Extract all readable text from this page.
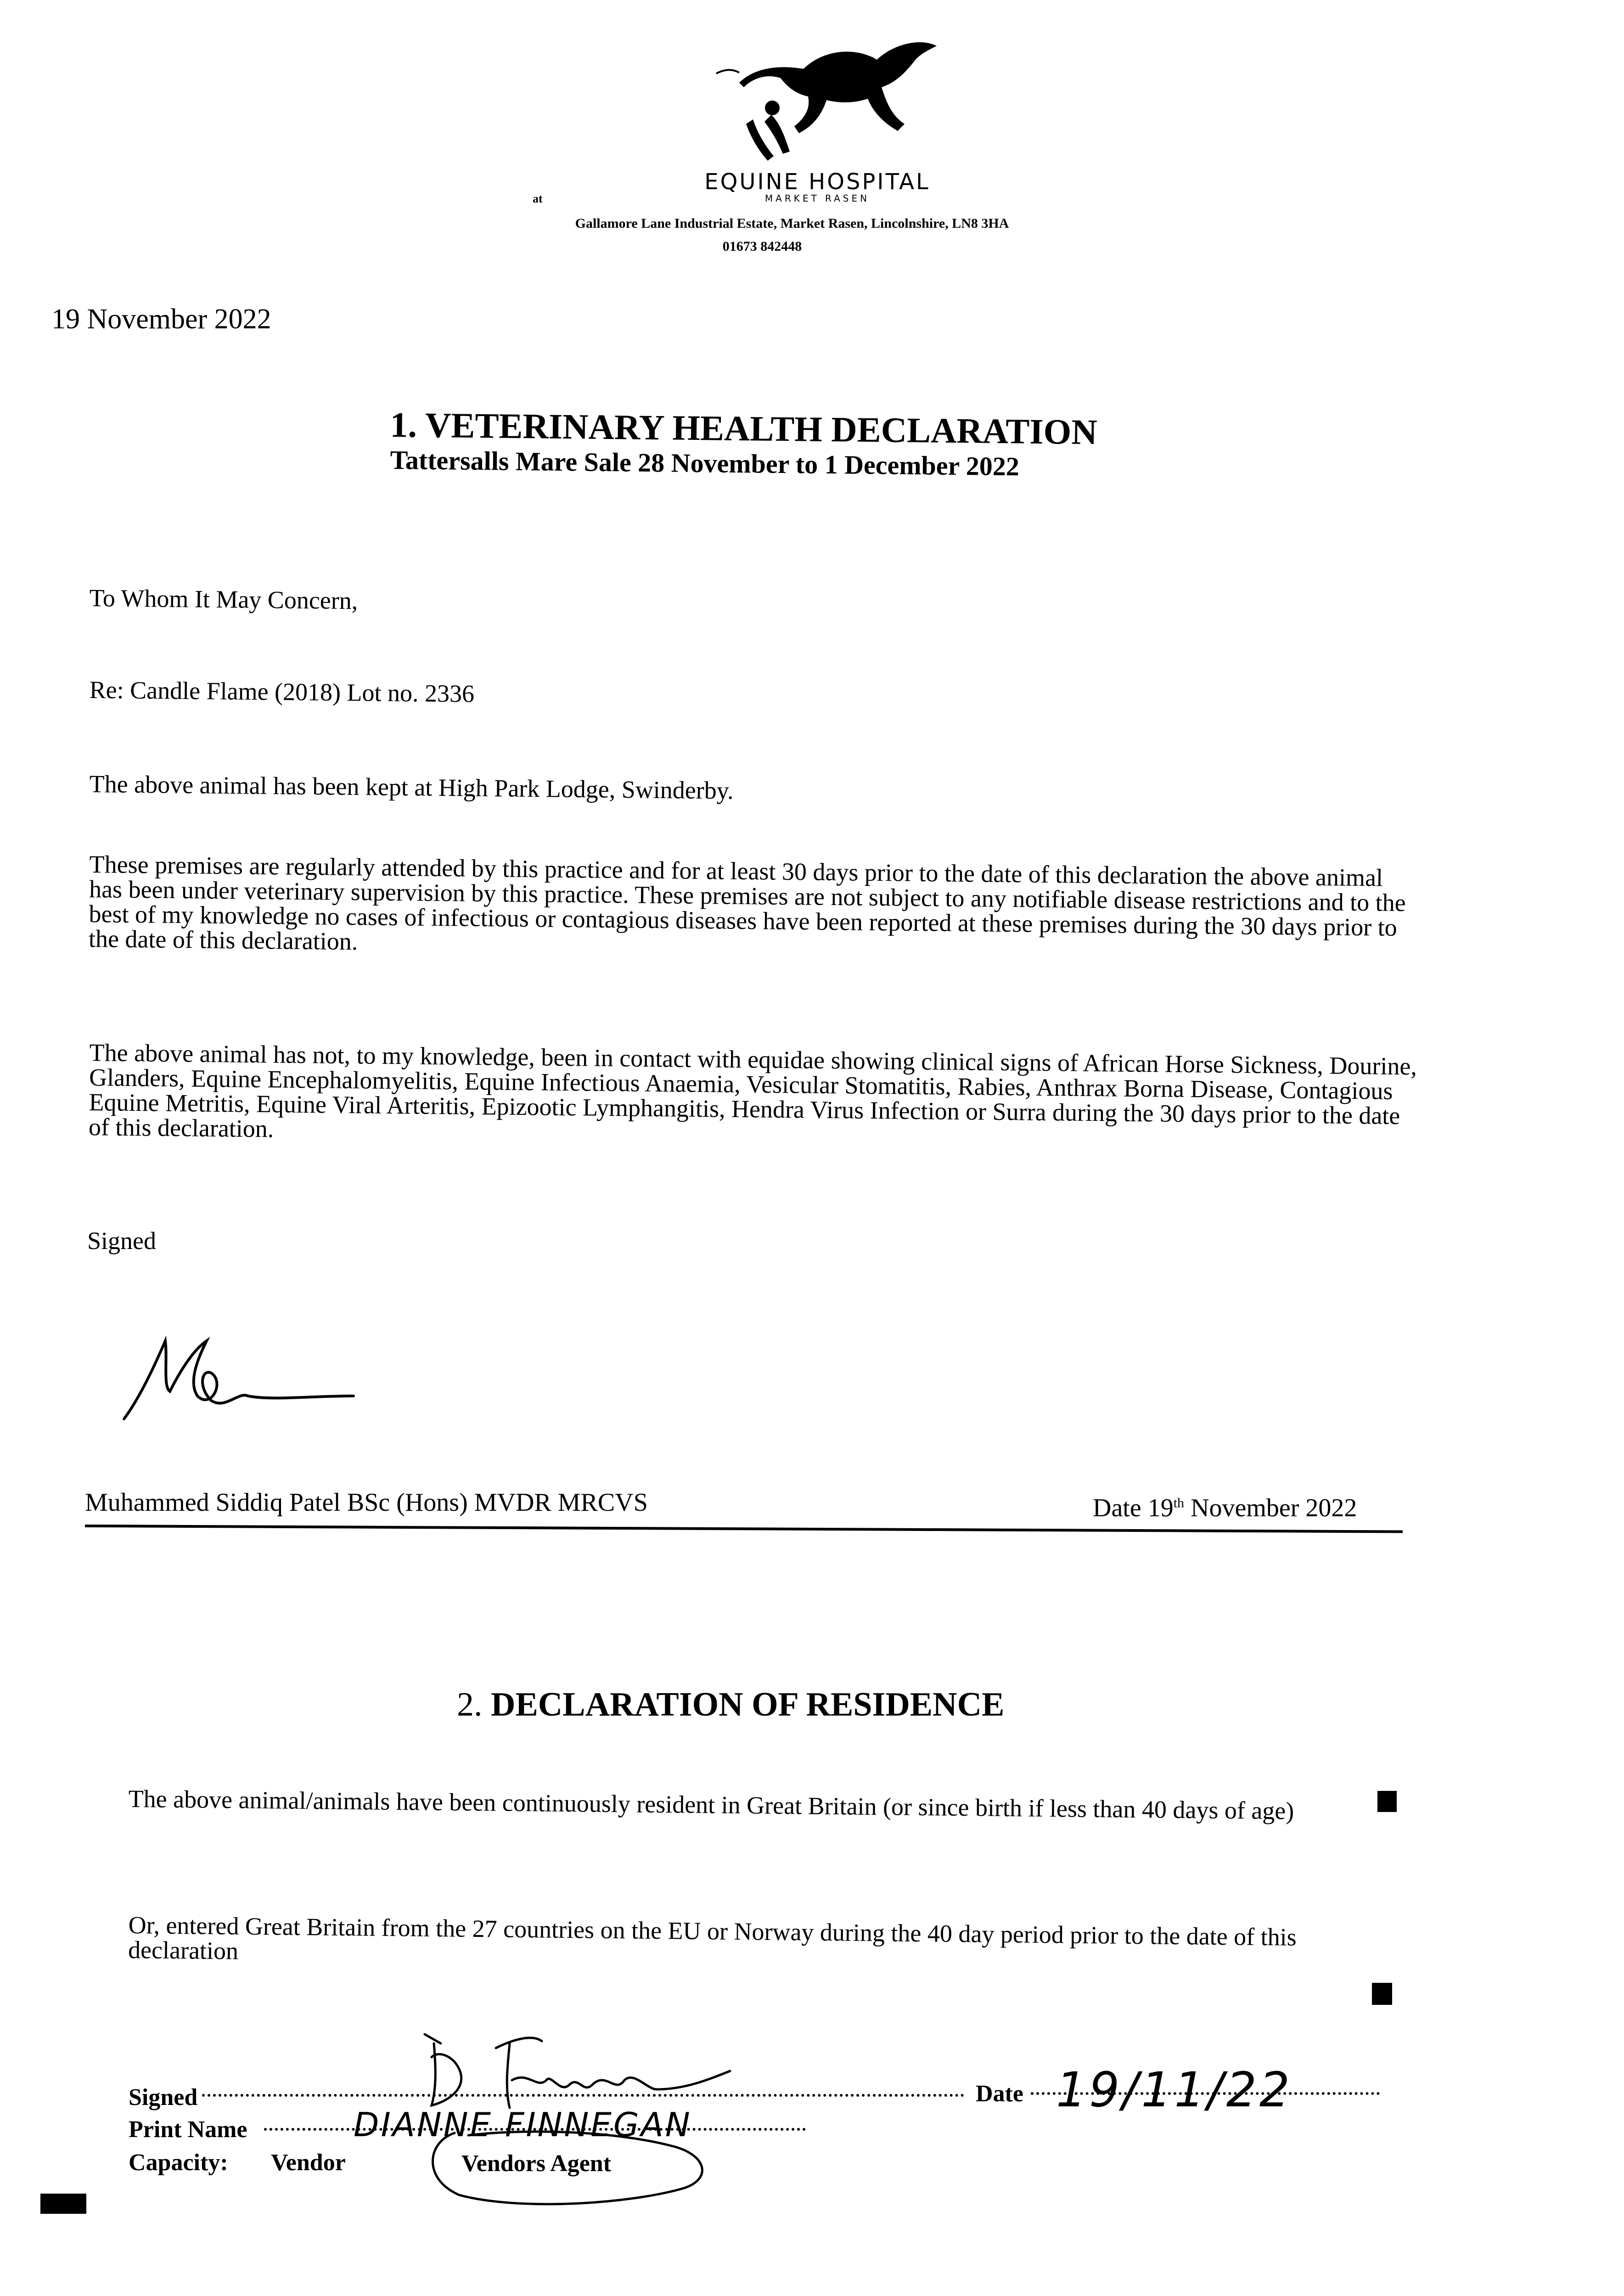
EQUINE HOSPITAL
MARKET RASEN
at
Gallamore Lane Industrial Estate, Market Rasen, Lincolnshire, LN8 3HA
01673 842448
19 November 2022
1. VETERINARY HEALTH DECLARATION
Tattersalls Mare Sale 28 November to 1 December 2022
To Whom It May Concern,
Re: Candle Flame (2018) Lot no. 2336
The above animal has been kept at High Park Lodge, Swinderby.
These premises are regularly attended by this practice and for at least 30 days prior to the date of this declaration the above animal has been under veterinary supervision by this practice. These premises are not subject to any notifiable disease restrictions and to the best of my knowledge no cases of infectious or contagious diseases have been reported at these premises during the 30 days prior to the date of this declaration.
The above animal has not, to my knowledge, been in contact with equidae showing clinical signs of African Horse Sickness, Dourine, Glanders, Equine Encephalomyelitis, Equine Infectious Anaemia, Vesicular Stomatitis, Rabies, Anthrax Borna Disease, Contagious Equine Metritis, Equine Viral Arteritis, Epizootic Lymphangitis, Hendra Virus Infection or Surra during the 30 days prior to the date of this declaration.
Signed
Muhammed Siddiq Patel BSc (Hons) MVDR MRCVS	Date 19th November 2022
2. DECLARATION OF RESIDENCE
The above animal/animals have been continuously resident in Great Britain (or since birth if less than 40 days of age)
Or, entered Great Britain from the 27 countries on the EU or Norway during the 40 day period prior to the date of this declaration
Signed	Date 19/11/22
Print Name	DIANNE FINNEGAN
Capacity: Vendor	Vendors Agent
